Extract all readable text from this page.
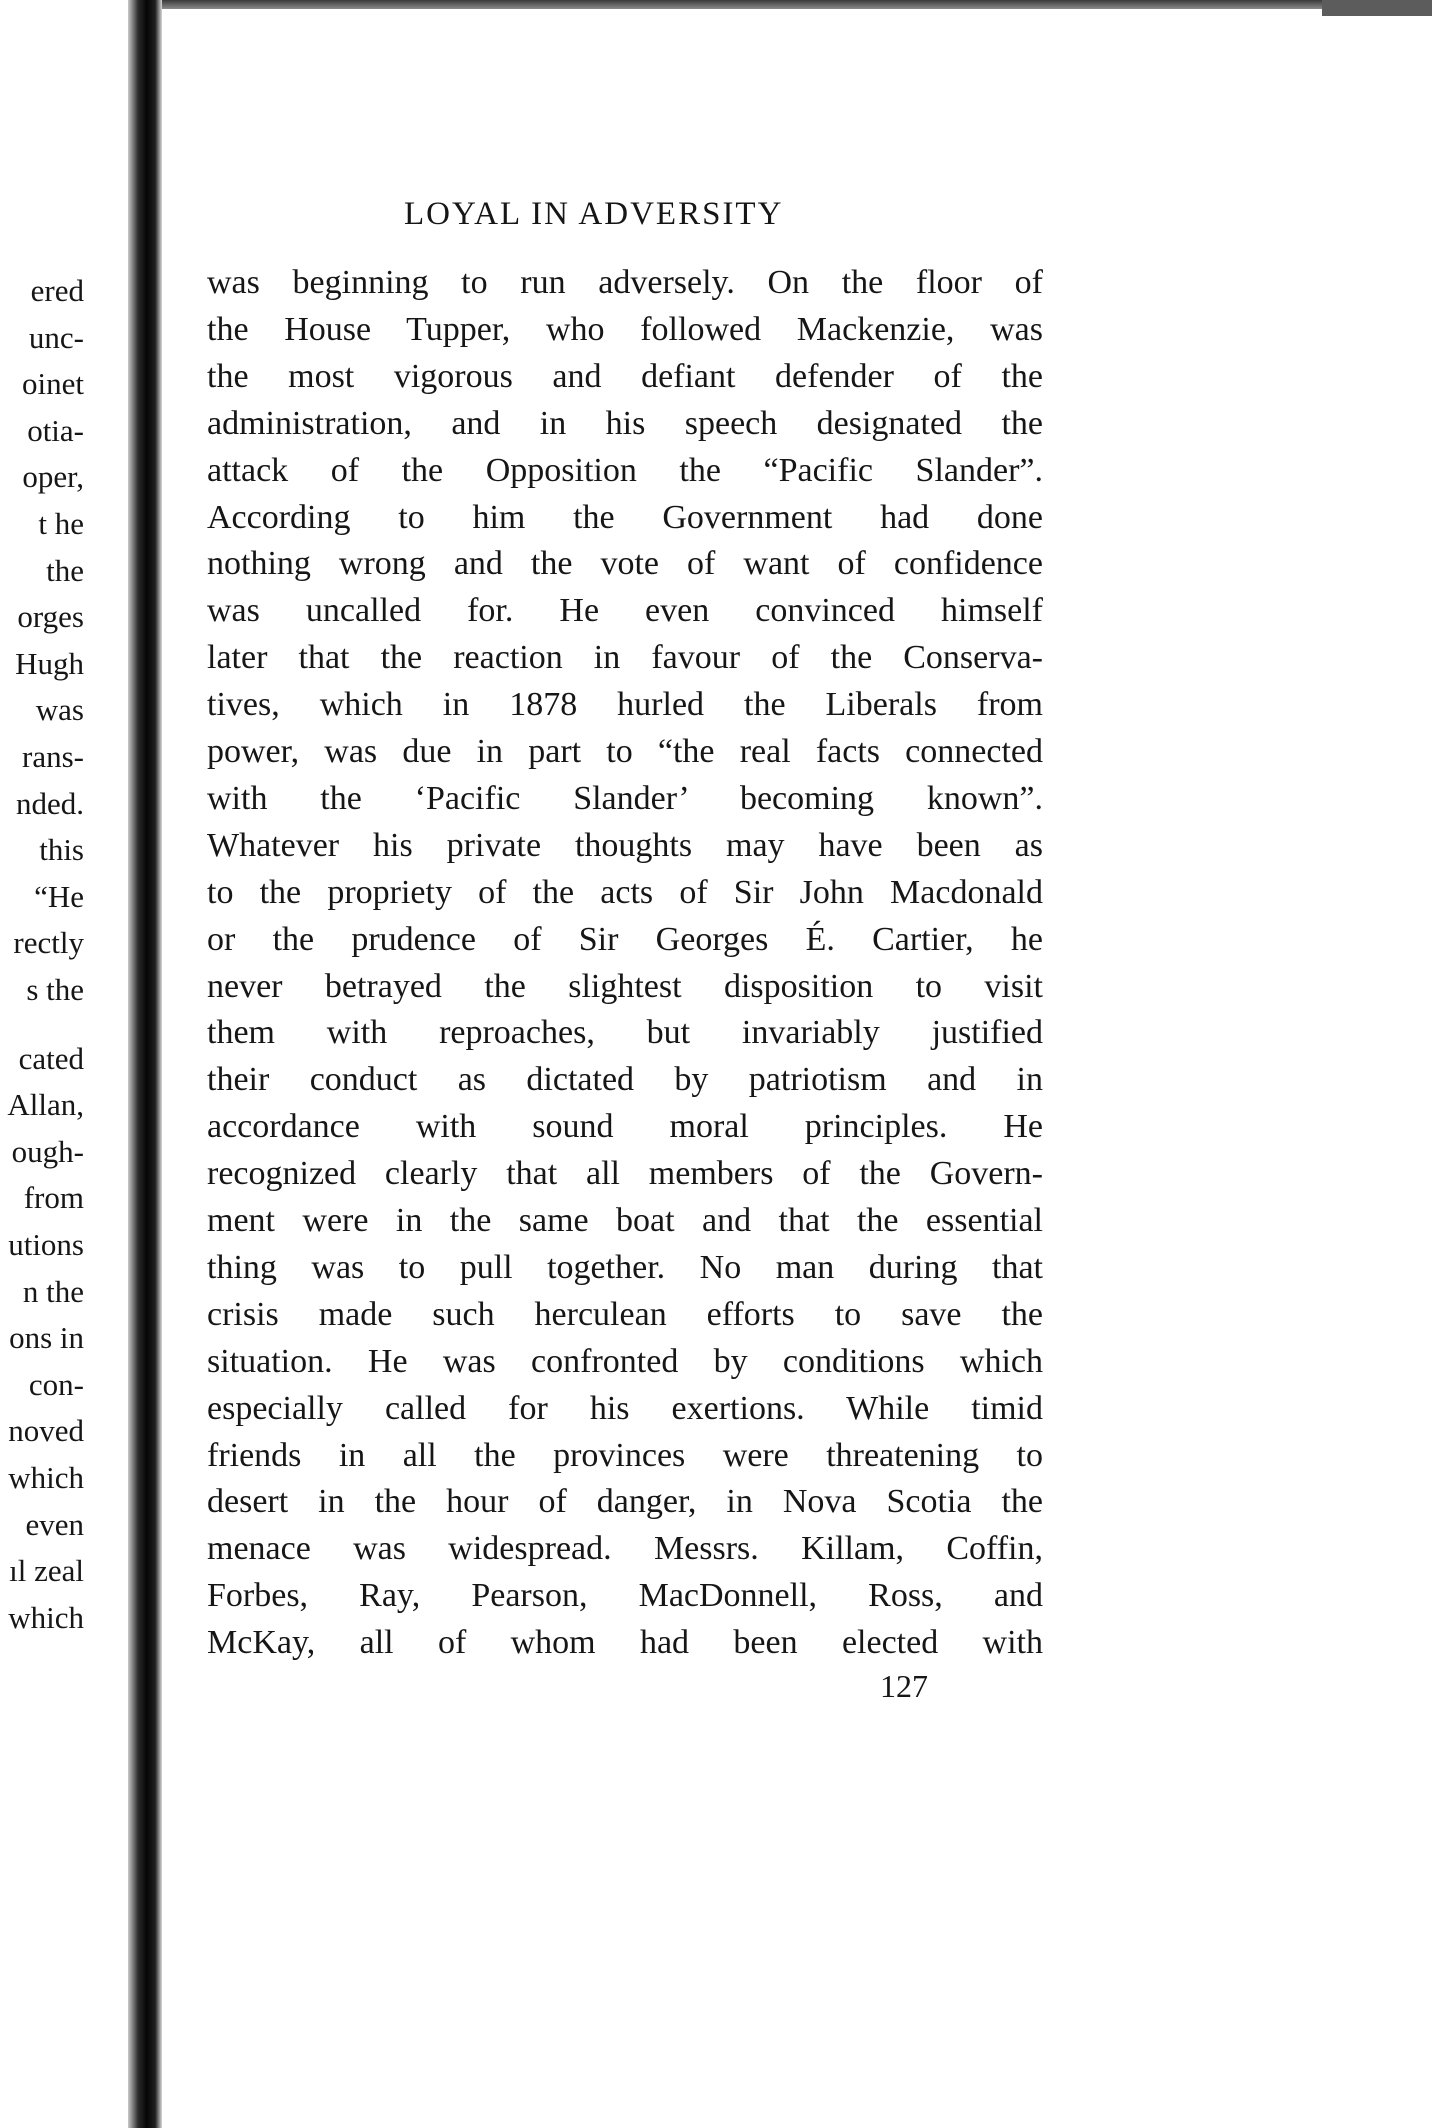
ered
unc-
oinet
otia-
oper,
t he
the
orges
Hugh
was
rans-
nded.
this
“He
rectly
s the
cated
Allan,
ough-
from
utions
n the
ons in
con-
noved
which
even
ıl zeal
which
LOYAL IN ADVERSITY
was beginning to run adversely. On the floor of
the House Tupper, who followed Mackenzie, was
the most vigorous and defiant defender of the
administration, and in his speech designated the
attack of the Opposition the “Pacific Slander”.
According to him the Government had done
nothing wrong and the vote of want of confidence
was uncalled for. He even convinced himself
later that the reaction in favour of the Conserva-
tives, which in 1878 hurled the Liberals from
power, was due in part to “the real facts connected
with the ‘Pacific Slander’ becoming known”.
Whatever his private thoughts may have been as
to the propriety of the acts of Sir John Macdonald
or the prudence of Sir Georges É. Cartier, he
never betrayed the slightest disposition to visit
them with reproaches, but invariably justified
their conduct as dictated by patriotism and in
accordance with sound moral principles. He
recognized clearly that all members of the Govern-
ment were in the same boat and that the essential
thing was to pull together. No man during that
crisis made such herculean efforts to save the
situation. He was confronted by conditions which
especially called for his exertions. While timid
friends in all the provinces were threatening to
desert in the hour of danger, in Nova Scotia the
menace was widespread. Messrs. Killam, Coffin,
Forbes, Ray, Pearson, MacDonnell, Ross, and
McKay, all of whom had been elected with
127
